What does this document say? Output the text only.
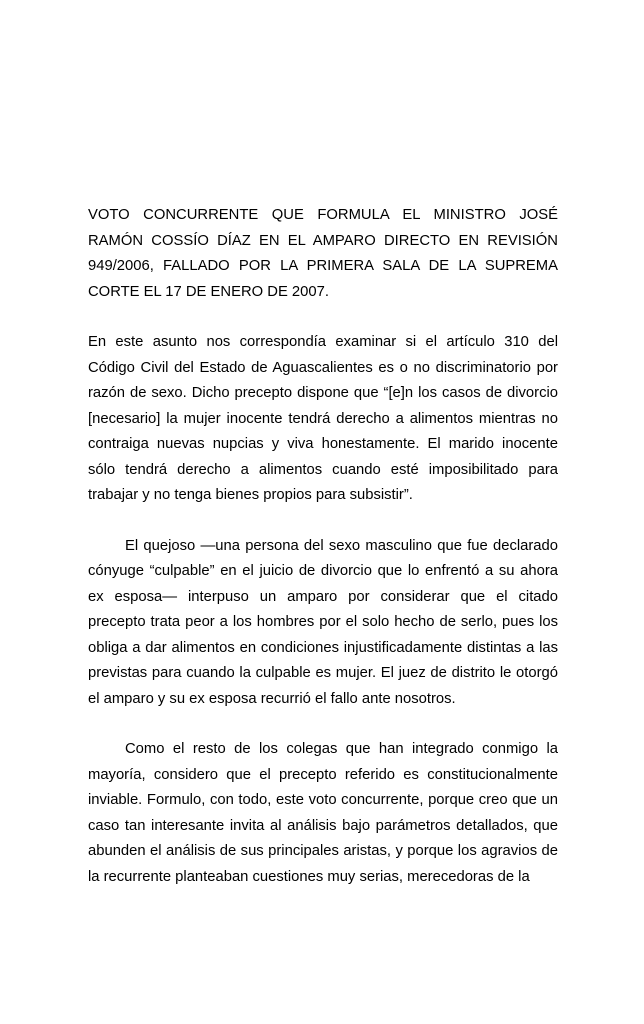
VOTO CONCURRENTE QUE FORMULA EL MINISTRO JOSÉ
RAMÓN COSSÍO DÍAZ EN EL AMPARO DIRECTO EN REVISIÓN
949/2006, FALLADO POR LA PRIMERA SALA DE LA SUPREMA
CORTE EL 17 DE ENERO DE 2007.
En este asunto nos correspondía examinar si el artículo 310 del
Código Civil del Estado de Aguascalientes es o no discriminatorio por
razón de sexo. Dicho precepto dispone que “[e]n los casos de divorcio
[necesario] la mujer inocente tendrá derecho a alimentos mientras no
contraiga nuevas nupcias y viva honestamente. El marido inocente
sólo tendrá derecho a alimentos cuando esté imposibilitado para
trabajar y no tenga bienes propios para subsistir”.
El quejoso —una persona del sexo masculino que fue declarado
cónyuge “culpable” en el juicio de divorcio que lo enfrentó a su ahora
ex esposa— interpuso un amparo por considerar que el citado
precepto trata peor a los hombres por el solo hecho de serlo, pues los
obliga a dar alimentos en condiciones injustificadamente distintas a las
previstas para cuando la culpable es mujer. El juez de distrito le otorgó
el amparo y su ex esposa recurrió el fallo ante nosotros.
Como el resto de los colegas que han integrado conmigo la
mayoría, considero que el precepto referido es constitucionalmente
inviable. Formulo, con todo, este voto concurrente, porque creo que un
caso tan interesante invita al análisis bajo parámetros detallados, que
abunden el análisis de sus principales aristas, y porque los agravios de
la recurrente planteaban cuestiones muy serias, merecedoras de la
